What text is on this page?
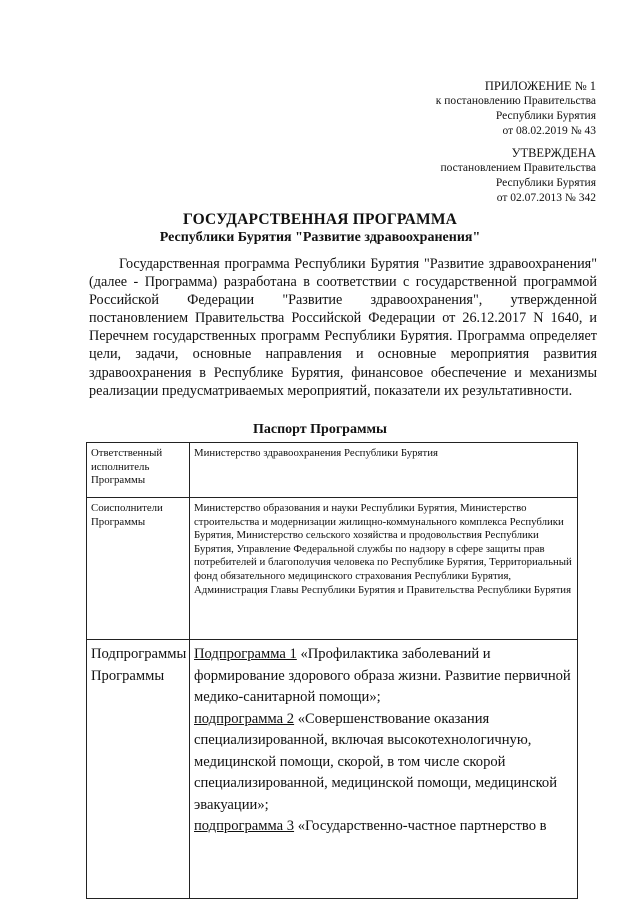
ПРИЛОЖЕНИЕ № 1
к постановлению Правительства
Республики Бурятия
от 08.02.2019 № 43
УТВЕРЖДЕНА
постановлением Правительства
Республики Бурятия
от 02.07.2013 № 342
ГОСУДАРСТВЕННАЯ ПРОГРАММА
Республики Бурятия "Развитие здравоохранения"

Государственная программа Республики Бурятия "Развитие здравоохранения" (далее - Программа) разработана в соответствии с государственной программой Российской Федерации "Развитие здравоохранения", утвержденной постановлением Правительства Российской Федерации от 26.12.2017 N 1640, и Перечнем государственных программ Республики Бурятия. Программа определяет цели, задачи, основные направления и основные мероприятия развития здравоохранения в Республике Бурятия, финансовое обеспечение и механизмы реализации предусматриваемых мероприятий, показатели их результативности.

Паспорт Программы
Ответственный исполнитель Программы	Министерство здравоохранения Республики Бурятия
Соисполнители Программы	Министерство образования и науки Республики Бурятия, Министерство строительства и модернизации жилищно-коммунального комплекса Республики Бурятия, Министерство сельского хозяйства и продовольствия Республики Бурятия, Управление Федеральной службы по надзору в сфере защиты прав потребителей и благополучия человека по Республике Бурятия, Территориальный фонд обязательного медицинского страхования Республики Бурятия, Администрация Главы Республики Бурятия и Правительства Республики Бурятия
Подпрограммы Программы	Подпрограмма 1 «Профилактика заболеваний и формирование здорового образа жизни. Развитие первичной медико-санитарной помощи»;
подпрограмма 2 «Совершенствование оказания специализированной, включая высокотехнологичную, медицинской помощи, скорой, в том числе скорой специализированной, медицинской помощи, медицинской эвакуации»;
подпрограмма 3 «Государственно-частное партнерство в
